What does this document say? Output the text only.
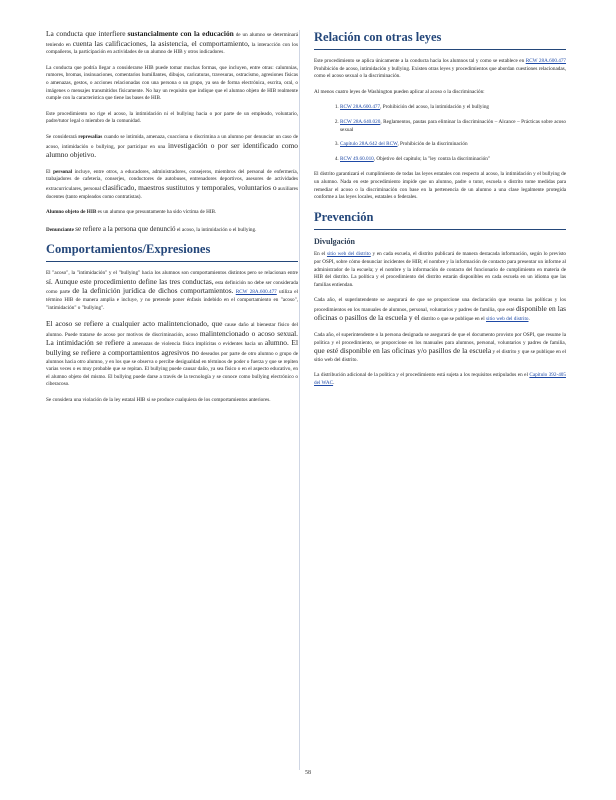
La conducta que interfiere sustancialmente con la educación de un alumno se determinará teniendo en cuenta las calificaciones, la asistencia, el comportamiento, la interacción con los compañeros, la participación en actividades de un alumno de HIB y otros indicadores.

La conducta que podría llegar a considerarse HIB puede tomar muchas formas, que incluyen, entre otras: calumnias, rumores, bromas, insinuaciones, comentarios humillantes, dibujos, caricaturas, travesuras, ostracismo, agresiones físicas o amenazas, gestos, o acciones relacionadas con una persona o un grupo, ya sea de forma electrónica, escrita, oral, o imágenes o mensajes transmitidos físicamente. No hay un requisito que indique que el alumno objeto de HIB realmente cumple con la característica que tiene las bases de HIB.

Este procedimiento no rige el acoso, la intimidación ni el bullying hacia o por parte de un empleado, voluntario, padre/tutor legal o miembro de la comunidad.

Se considerará represalias cuando se intimida, amenaza, coacciona o discrimina a un alumno por denunciar un caso de acoso, intimidación o bullying, por participar en una investigación o por ser identificado como alumno objetivo.

El personal incluye, entre otros, a educadores, administradores, consejeros, miembros del personal de enfermería, trabajadores de cafetería, conserjes, conductores de autobuses, entrenadores deportivos, asesores de actividades extracurriculares, personal clasificado, maestros sustitutos y temporales, voluntarios o auxiliares docentes (tanto empleados como contratistas).

Alumno objeto de HIB es un alumno que presuntamente ha sido víctima de HIB.

Denunciante se refiere a la persona que denunció el acoso, la intimidación o el bullying.

Comportamientos/Expresiones

El "acoso", la "intimidación" y el "bullying" hacia los alumnos son comportamientos distintos pero se relacionan entre sí. Aunque este procedimiento define las tres conductas, esta definición no debe ser considerada como parte de la definición jurídica de dichos comportamientos. RCW 28A.600.477 utiliza el término HIB de manera amplia e incluye, y no pretende poner énfasis indebido en el comportamiento en "acoso", "intimidación" o "bullying".

El acoso se refiere a cualquier acto malintencionado, que cause daño al bienestar físico del alumno. Puede tratarse de acoso por motivos de discriminación, acoso malintencionado o acoso sexual. La intimidación se refiere a amenazas de violencia física implícitas o evidentes hacia un alumno. El bullying se refiere a comportamientos agresivos no deseados por parte de otro alumno o grupo de alumnos hacia otro alumno, y en los que se observa o percibe desigualdad en términos de poder o fuerza y que se repiten varias veces o es muy probable que se repitan. El bullying puede causar daño, ya sea físico o en el aspecto educativo, en el alumno objeto del mismo. El bullying puede darse a través de la tecnología y se conoce como bullying electrónico o ciberacoso.

Se considera una violación de la ley estatal HIB si se produce cualquiera de los comportamientos anteriores.

Relación con otras leyes

Este procedimiento se aplica únicamente a la conducta hacia los alumnos tal y como se establece en RCW 28A.600.477 Prohibición de acoso, intimidación y bullying. Existen otras leyes y procedimientos que abordan cuestiones relacionadas, como el acoso sexual o la discriminación.

Al menos cuatro leyes de Washington pueden aplicar al acoso o la discriminación:

1. RCW 28A.600.477, Prohibición del acoso, la intimidación y el bullying
2. RCW 28A.640.020, Reglamentos, pautas para eliminar la discriminación – Alcance – Prácticas sobre acoso sexual
3. Capítulo 28A.642 del RCW, Prohibición de la discriminación
4. RCW 49.60.010, Objetivo del capítulo; la "ley contra la discriminación"

El distrito garantizará el cumplimiento de todas las leyes estatales con respecto al acoso, la intimidación y el bullying de un alumno. Nada en este procedimiento impide que un alumno, padre o tutor, escuela o distrito tome medidas para remediar el acoso o la discriminación con base en la pertenencia de un alumno a una clase legalmente protegida conforme a las leyes locales, estatales o federales.

Prevención
Divulgación

En el sitio web del distrito y en cada escuela, el distrito publicará de manera destacada información, según lo previsto por OSPI, sobre cómo denunciar incidentes de HIB; el nombre y la información de contacto para presentar un informe al administrador de la escuela; y el nombre y la información de contacto del funcionario de cumplimiento en materia de HIB del distrito. La política y el procedimiento del distrito estarán disponibles en cada escuela en un idioma que las familias entiendan.

Cada año, el superintendente se asegurará de que se proporcione una declaración que resuma las políticas y los procedimientos en los manuales de alumnos, personal, voluntarios y padres de familia, que esté disponible en las oficinas o pasillos de la escuela y el distrito o que se publique en el sitio web del distrito.

Cada año, el superintendente o la persona designada se asegurará de que el documento provisto por OSPI, que resume la política y el procedimiento, se proporcione en los manuales para alumnos, personal, voluntarios y padres de familia, que esté disponible en las oficinas y/o pasillos de la escuela y el distrito y que se publique en el sitio web del distrito.

La distribución adicional de la política y el procedimiento está sujeta a los requisitos estipulados en el Capítulo 392-405 del WAC.

58
